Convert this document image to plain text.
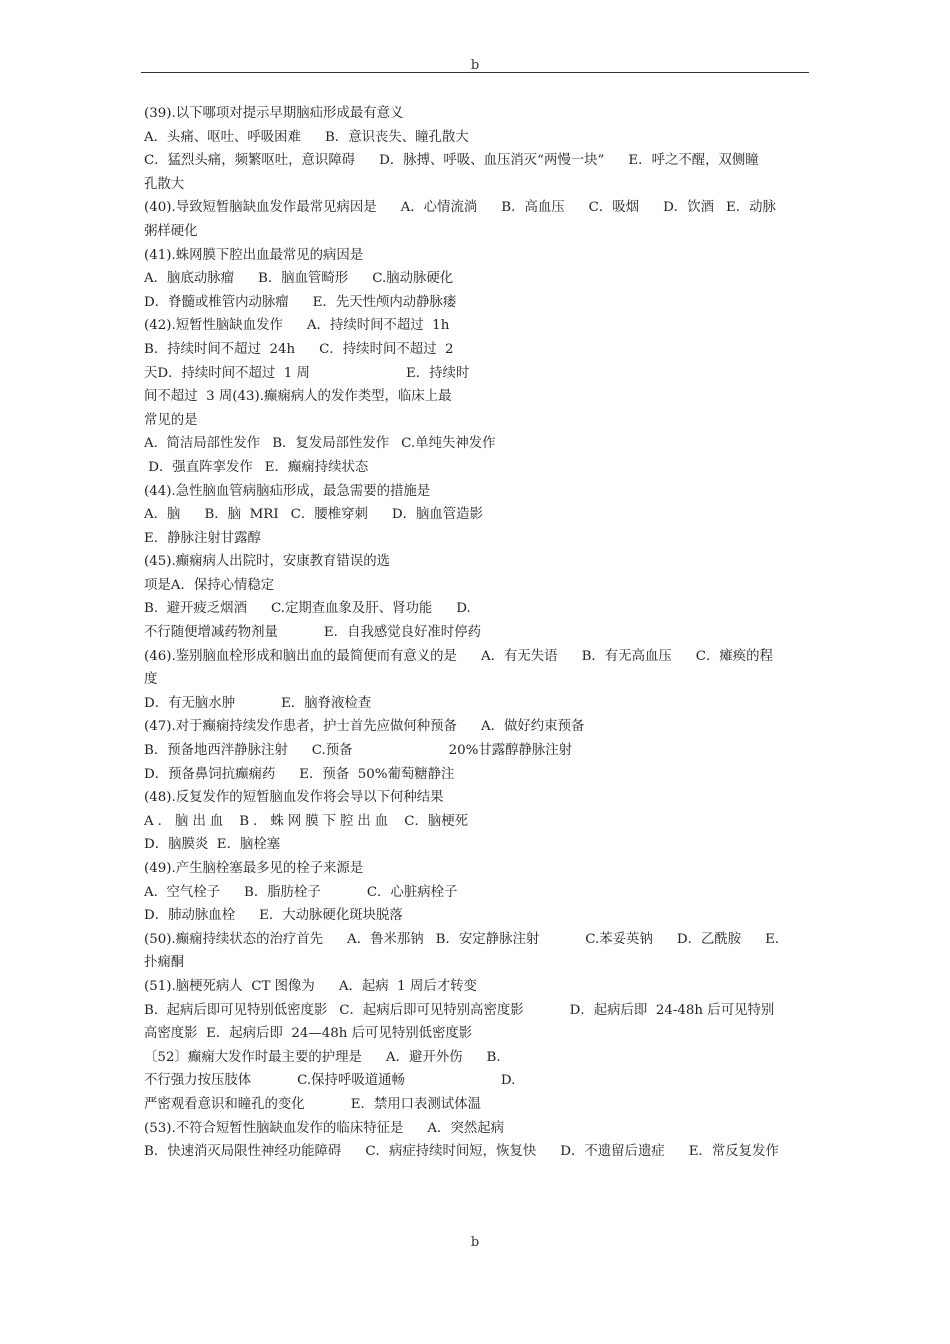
b
(39).以下哪项对提示早期脑疝形成最有意义
A．头痛、呕吐、呼吸困难 B．意识丧失、瞳孔散大
C．猛烈头痛，频繁呕吐，意识障碍 D．脉搏、呼吸、血压消灭“两慢一块” E．呼之不醒，双侧瞳
孔散大
(40).导致短暂脑缺血发作最常见病因是 A．心情流淌 B．高血压 C．吸烟 D．饮酒 E．动脉
粥样硬化
(41).蛛网膜下腔出血最常见的病因是
A．脑底动脉瘤 B．脑血管畸形 C.脑动脉硬化
D．脊髓或椎管内动脉瘤 E．先天性颅内动静脉瘘
(42).短暂性脑缺血发作 A．持续时间不超过  1h
B．持续时间不超过  24h C．持续时间不超过  2
天D．持续时间不超过  1 周	E．持续时
间不超过  3 周(43).癫痫病人的发作类型，临床上最
常见的是
A.  简洁局部性发作 B．复发局部性发作 C.单纯失神发作
D．强直阵挛发作 E．癫痫持续状态
(44).急性脑血管病脑疝形成，最急需要的措施是
A．脑 B．脑  MRI C．腰椎穿刺 D．脑血管造影
E．静脉注射甘露醇
(45).癫痫病人出院时，安康教育错误的选
项是A．保持心情稳定
B.  避开疲乏烟酒 C.定期查血象及肝、肾功能 D.
不行随便增减药物剂量	E．自我感觉良好准时停药
(46).鉴别脑血栓形成和脑出血的最简便而有意义的是 A．有无失语 B．有无高血压 C．瘫痪的程
度
D．有无脑水肿	E．脑脊液检查
(47).对于癫痫持续发作患者，护士首先应做何种预备 A．做好约束预备
B．预备地西泮静脉注射 C.预备	20%甘露醇静脉注射
D．预备鼻饲抗癫痫药 E．预备  50%葡萄糖静注
(48).反复发作的短暂脑血发作将会导以下何种结果
A．脑出血 B．蛛网膜下腔出血 C．脑梗死
D．脑膜炎  E．脑栓塞
(49).产生脑栓塞最多见的栓子来源是
A.  空气栓子 B．脂肪栓子	C．心脏病栓子
D．肺动脉血栓 E．大动脉硬化斑块脱落
(50).癫痫持续状态的治疗首先 A．鲁米那钠 B．安定静脉注射	C.苯妥英钠 D．乙酰胺 E．
扑痫酮
(51).脑梗死病人  CT 图像为 A．起病  1 周后才转变
B.  起病后即可见特别低密度影 C．起病后即可见特别高密度影	D．起病后即  24-48h 后可见特别
高密度影  E．起病后即  24—48h 后可见特别低密度影
〔52〕癫痫大发作时最主要的护理是 A．避开外伤 B.
不行强力按压肢体	C.保持呼吸道通畅	D.
严密观看意识和瞳孔的变化	E．禁用口表测试体温
(53).不符合短暂性脑缺血发作的临床特征是 A．突然起病
B．快速消灭局限性神经功能障碍 C．病症持续时间短，恢复快 D．不遗留后遗症 E．常反复发作
b
